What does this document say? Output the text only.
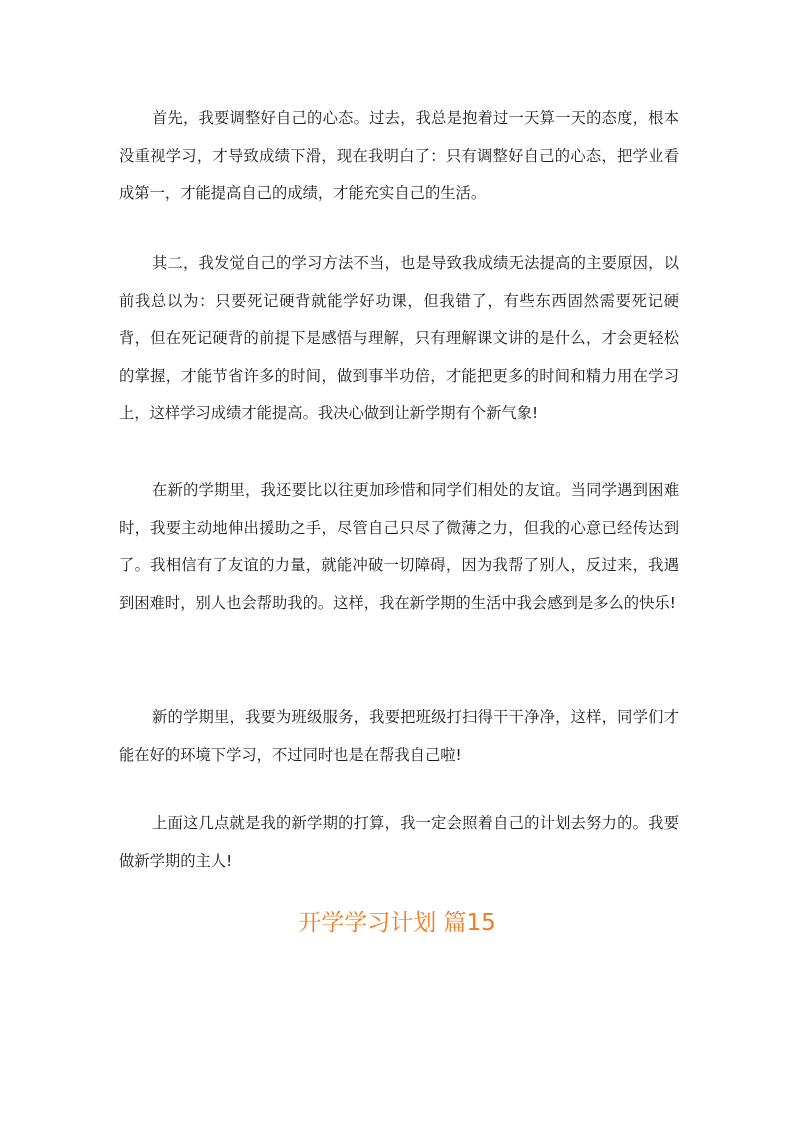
首先，我要调整好自己的心态。过去，我总是抱着过一天算一天的态度，根本没重视学习，才导致成绩下滑，现在我明白了：只有调整好自己的心态，把学业看成第一，才能提高自己的成绩，才能充实自己的生活。

其二，我发觉自己的学习方法不当，也是导致我成绩无法提高的主要原因，以前我总以为：只要死记硬背就能学好功课，但我错了，有些东西固然需要死记硬背，但在死记硬背的前提下是感悟与理解，只有理解课文讲的是什么，才会更轻松的掌握，才能节省许多的时间，做到事半功倍，才能把更多的时间和精力用在学习上，这样学习成绩才能提高。我决心做到让新学期有个新气象!

在新的学期里，我还要比以往更加珍惜和同学们相处的友谊。当同学遇到困难时，我要主动地伸出援助之手，尽管自己只尽了微薄之力，但我的心意已经传达到了。我相信有了友谊的力量，就能冲破一切障碍，因为我帮了别人，反过来，我遇到困难时，别人也会帮助我的。这样，我在新学期的生活中我会感到是多么的快乐!

新的学期里，我要为班级服务，我要把班级打扫得干干净净，这样，同学们才能在好的环境下学习，不过同时也是在帮我自己啦!

上面这几点就是我的新学期的打算，我一定会照着自己的计划去努力的。我要做新学期的主人!

开学学习计划 篇15
